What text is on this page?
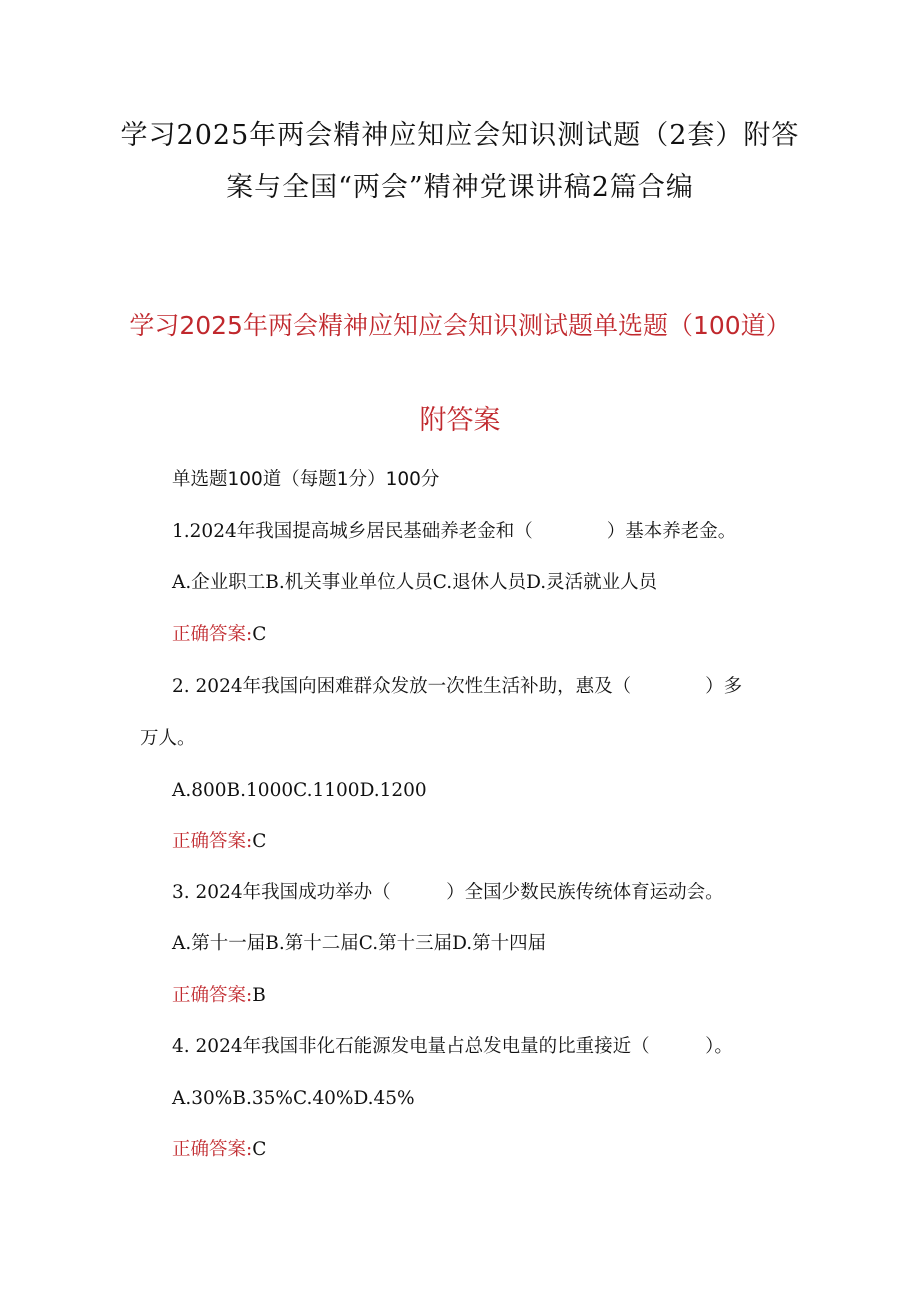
学习2025年两会精神应知应会知识测试题（2套）附答案与全国“两会”精神党课讲稿2篇合编
学习2025年两会精神应知应会知识测试题单选题（100道）
附答案
单选题100道（每题1分）100分
1.2024年我国提高城乡居民基础养老金和（　　　　）基本养老金。
A.企业职工B.机关事业单位人员C.退休人员D.灵活就业人员
正确答案:C
2. 2024年我国向困难群众发放一次性生活补助，惠及（　　　　）多
万人。
A.800B.1000C.1100D.1200
正确答案:C
3. 2024年我国成功举办（　　　）全国少数民族传统体育运动会。
A.第十一届B.第十二届C.第十三届D.第十四届
正确答案:B
4. 2024年我国非化石能源发电量占总发电量的比重接近（　　　）。
A.30%B.35%C.40%D.45%
正确答案:C
